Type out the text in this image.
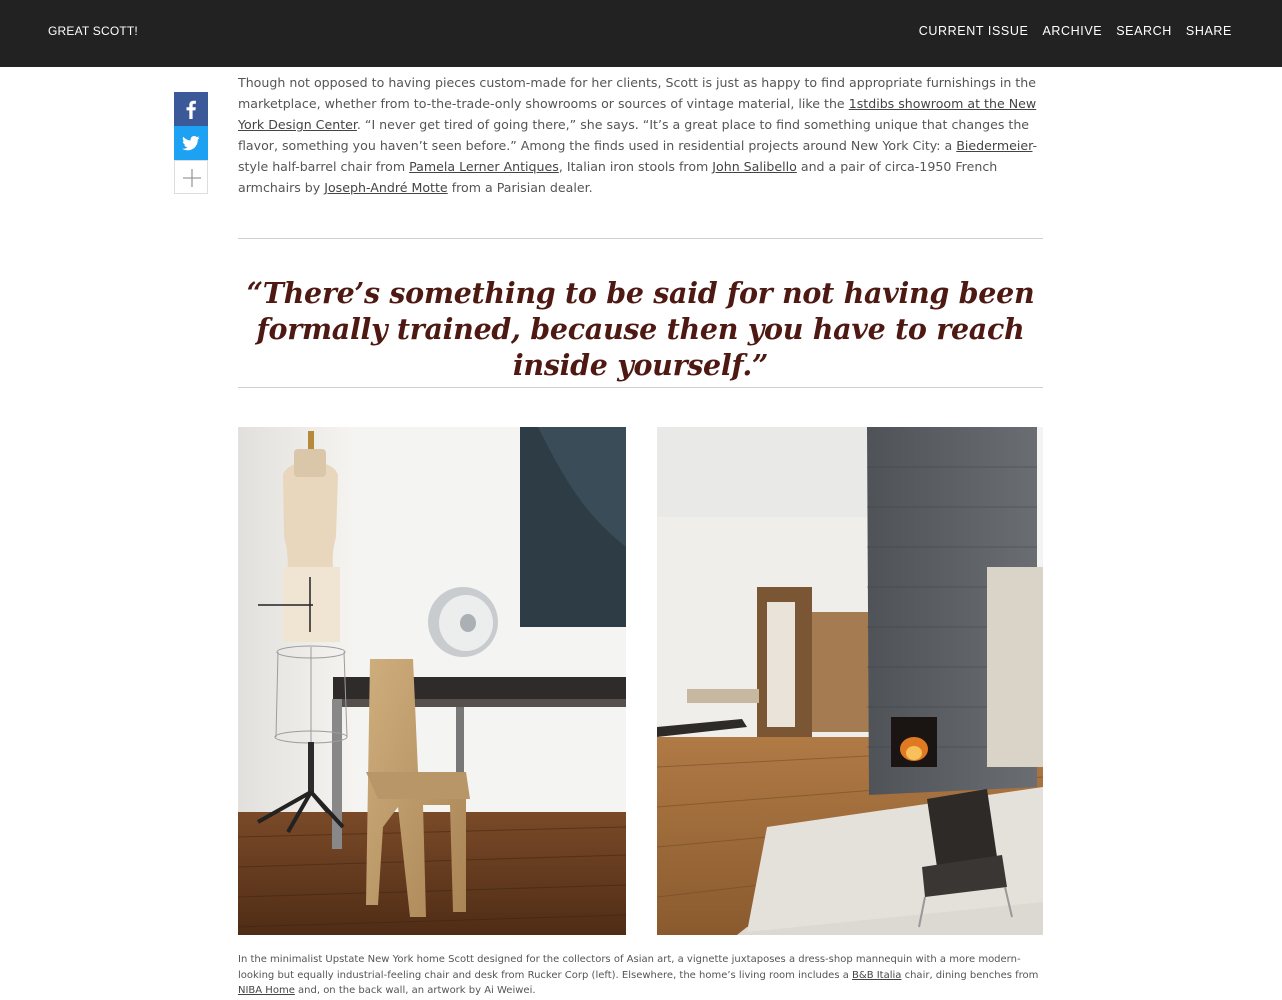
GREAT SCOTT!	CURRENT ISSUE ARCHIVE SEARCH SHARE

Though not opposed to having pieces custom-made for her clients, Scott is just as happy to find appropriate furnishings in the marketplace, whether from to-the-trade-only showrooms or sources of vintage material, like the 1stdibs showroom at the New York Design Center. “I never get tired of going there,” she says. “It’s a great place to find something unique that changes the flavor, something you haven’t seen before.” Among the finds used in residential projects around New York City: a Biedermeier-style half-barrel chair from Pamela Lerner Antiques, Italian iron stools from John Salibello and a pair of circa-1950 French armchairs by Joseph-André Motte from a Parisian dealer.

“There’s something to be said for not having been formally trained, because then you have to reach inside yourself.”

In the minimalist Upstate New York home Scott designed for the collectors of Asian art, a vignette juxtaposes a dress-shop mannequin with a more modern-looking but equally industrial-feeling chair and desk from Rucker Corp (left). Elsewhere, the home’s living room includes a B&B Italia chair, dining benches from NIBA Home and, on the back wall, an artwork by Ai Weiwei.
